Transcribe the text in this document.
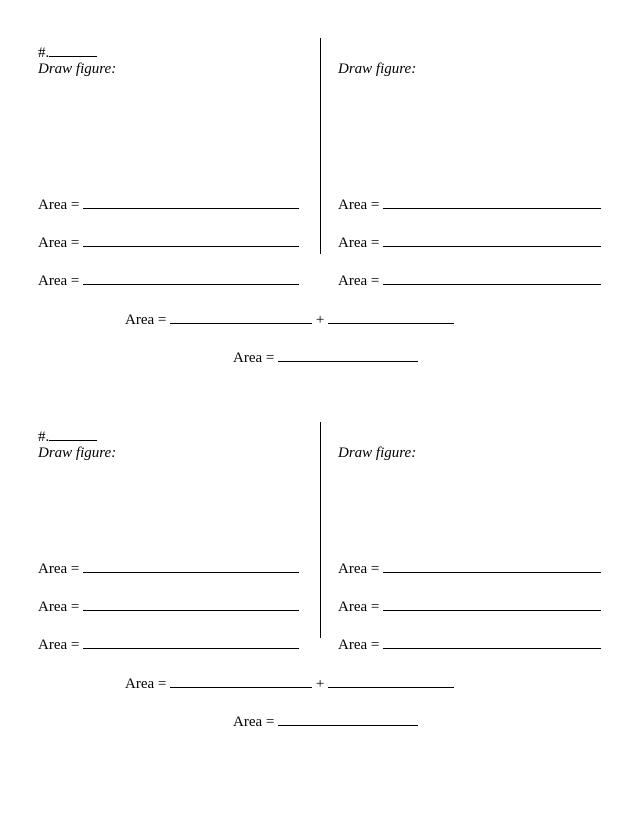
#.
Draw figure:	Draw figure:
Area =
Area =
Area =
Area =
Area =
Area =
Area =	+
Area =
#.
Draw figure:	Draw figure:
Area =
Area =
Area =
Area =
Area =
Area =
Area =	+
Area =
